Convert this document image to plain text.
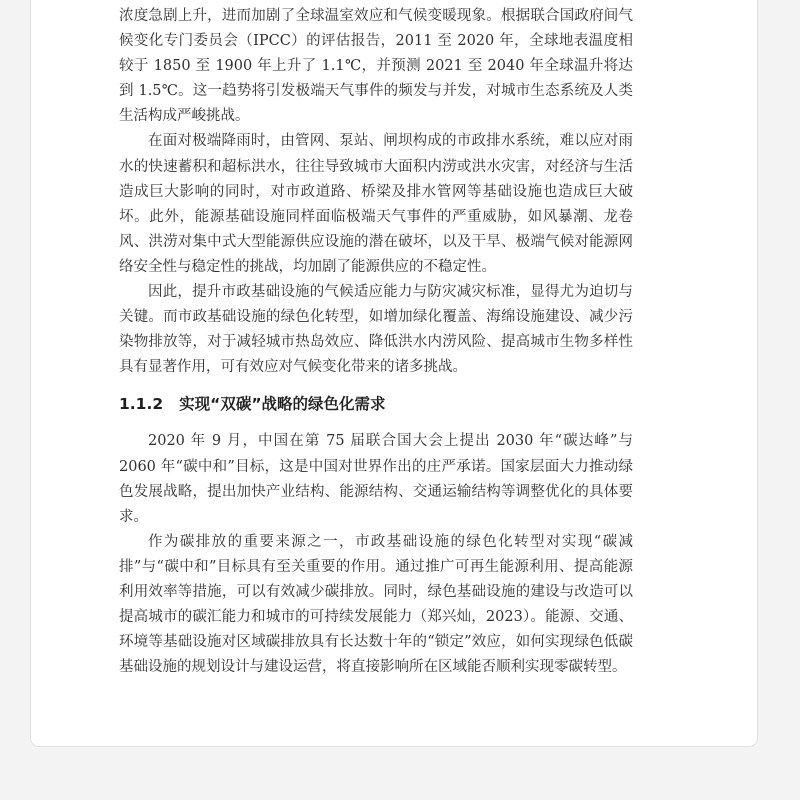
浓度急剧上升，进而加剧了全球温室效应和气候变暖现象。根据联合国政府间气候变化专门委员会（IPCC）的评估报告，2011 至 2020 年，全球地表温度相较于 1850 至 1900 年上升了 1.1℃，并预测 2021 至 2040 年全球温升将达到 1.5℃。这一趋势将引发极端天气事件的频发与并发，对城市生态系统及人类生活构成严峻挑战。

在面对极端降雨时，由管网、泵站、闸坝构成的市政排水系统，难以应对雨水的快速蓄积和超标洪水，往往导致城市大面积内涝或洪水灾害，对经济与生活造成巨大影响的同时，对市政道路、桥梁及排水管网等基础设施也造成巨大破坏。此外，能源基础设施同样面临极端天气事件的严重威胁，如风暴潮、龙卷风、洪涝对集中式大型能源供应设施的潜在破坏，以及干旱、极端气候对能源网络安全性与稳定性的挑战，均加剧了能源供应的不稳定性。

因此，提升市政基础设施的气候适应能力与防灾减灾标准，显得尤为迫切与关键。而市政基础设施的绿色化转型，如增加绿化覆盖、海绵设施建设、减少污染物排放等，对于减轻城市热岛效应、降低洪水内涝风险、提高城市生物多样性具有显著作用，可有效应对气候变化带来的诸多挑战。

1.1.2 实现“双碳”战略的绿色化需求

2020 年 9 月，中国在第 75 届联合国大会上提出 2030 年“碳达峰”与 2060 年“碳中和”目标，这是中国对世界作出的庄严承诺。国家层面大力推动绿色发展战略，提出加快产业结构、能源结构、交通运输结构等调整优化的具体要求。

作为碳排放的重要来源之一，市政基础设施的绿色化转型对实现“碳减排”与“碳中和”目标具有至关重要的作用。通过推广可再生能源利用、提高能源利用效率等措施，可以有效减少碳排放。同时，绿色基础设施的建设与改造可以提高城市的碳汇能力和城市的可持续发展能力（郑兴灿，2023）。能源、交通、环境等基础设施对区域碳排放具有长达数十年的“锁定”效应，如何实现绿色低碳基础设施的规划设计与建设运营，将直接影响所在区域能否顺利实现零碳转型。
